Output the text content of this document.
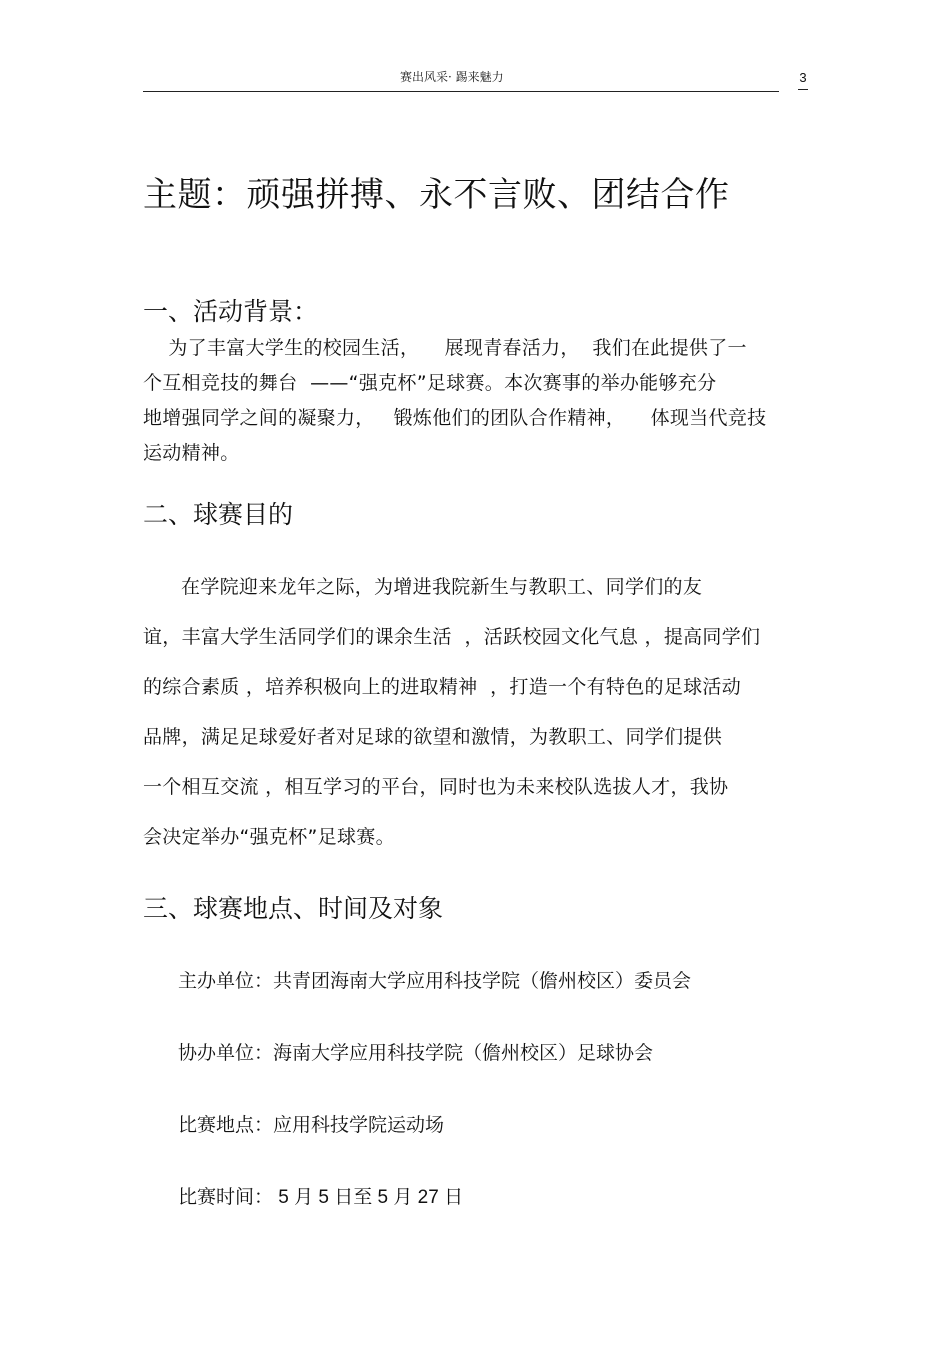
赛出风采· 踢来魅力	3
主题：顽强拼搏、永不言败、团结合作
一、活动背景：
为了丰富大学生的校园生活，    展现青春活力，  我们在此提供了一
个互相竞技的舞台  ——“强克杯”足球赛。本次赛事的举办能够充分
地增强同学之间的凝聚力，   锻炼他们的团队合作精神，    体现当代竞技
运动精神。
二、球赛目的
在学院迎来龙年之际，为增进我院新生与教职工、同学们的友
谊，丰富大学生活同学们的课余生活  ，活跃校园文化气息 ，提高同学们
的综合素质 ，培养积极向上的进取精神  ，打造一个有特色的足球活动
品牌，满足足球爱好者对足球的欲望和激情，为教职工、同学们提供
一个相互交流 ，相互学习的平台，同时也为未来校队选拔人才，我协
会决定举办“强克杯”足球赛。
三、球赛地点、时间及对象
主办单位：共青团海南大学应用科技学院（儋州校区）委员会
协办单位：海南大学应用科技学院（儋州校区）足球协会
比赛地点：应用科技学院运动场
比赛时间： 5 月 5 日至 5 月 27 日
